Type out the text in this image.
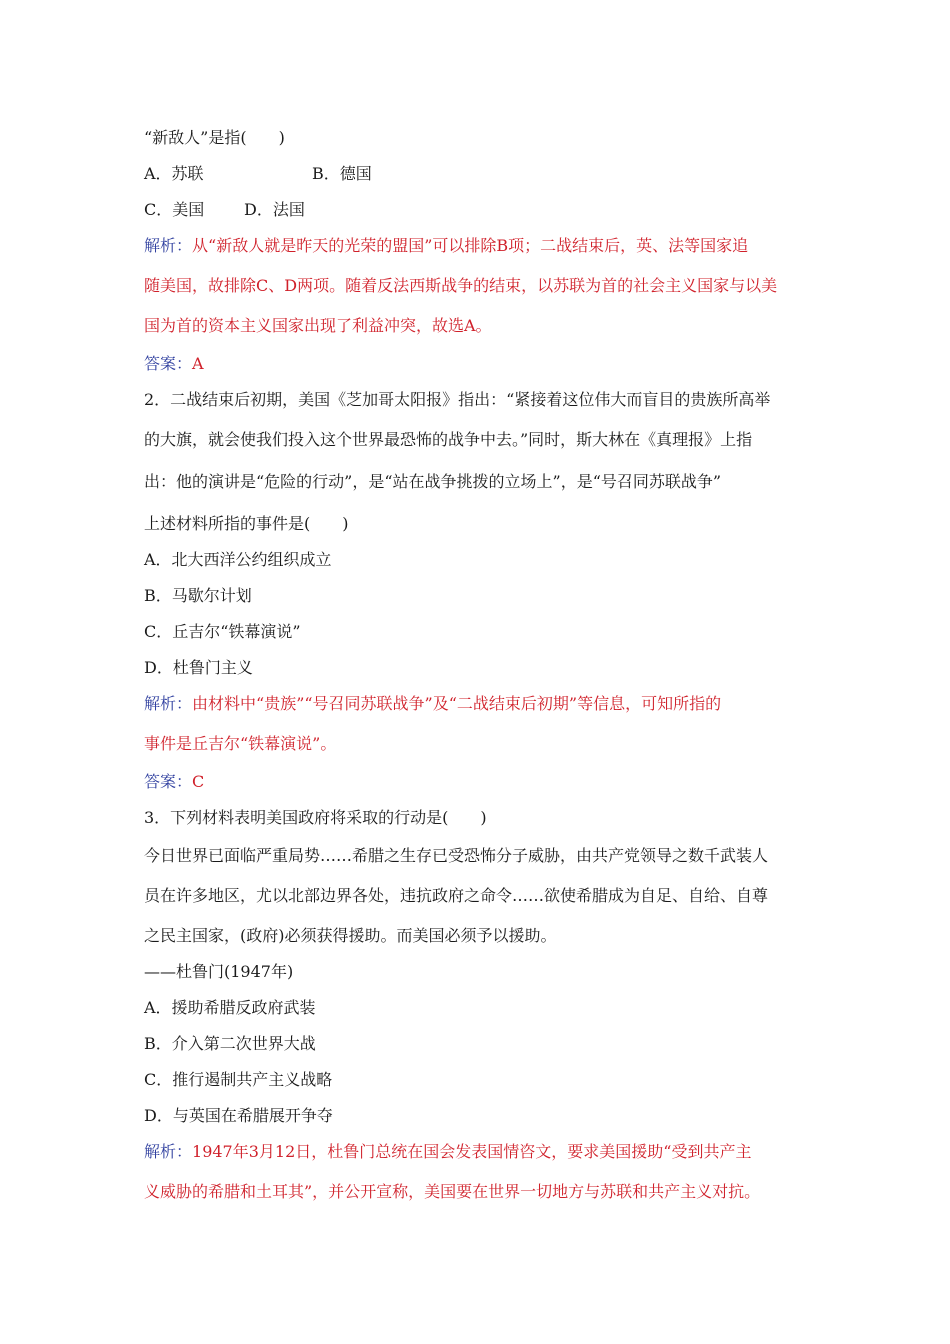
“新敌人”是指(　　)
A．苏联	B．德国
C．美国 D．法国
解析：从“新敌人就是昨天的光荣的盟国”可以排除B项；二战结束后，英、法等国家追
随美国，故排除C、D两项。随着反法西斯战争的结束，以苏联为首的社会主义国家与以美
国为首的资本主义国家出现了利益冲突，故选A。
答案：A
2．二战结束后初期，美国《芝加哥太阳报》指出：“紧接着这位伟大而盲目的贵族所高举
的大旗，就会使我们投入这个世界最恐怖的战争中去。”同时，斯大林在《真理报》上指
出：他的演讲是“危险的行动”，是“站在战争挑拨的立场上”，是“号召同苏联战争”
上述材料所指的事件是(　　)
A．北大西洋公约组织成立
B．马歇尔计划
C．丘吉尔“铁幕演说”
D．杜鲁门主义
解析：由材料中“贵族”“号召同苏联战争”及“二战结束后初期”等信息，可知所指的
事件是丘吉尔“铁幕演说”。
答案：C
3．下列材料表明美国政府将采取的行动是(　　)
今日世界已面临严重局势……希腊之生存已受恐怖分子威胁，由共产党领导之数千武装人
员在许多地区，尤以北部边界各处，违抗政府之命令……欲使希腊成为自足、自给、自尊
之民主国家，(政府)必须获得援助。而美国必须予以援助。
——杜鲁门(1947年)
A．援助希腊反政府武装
B．介入第二次世界大战
C．推行遏制共产主义战略
D．与英国在希腊展开争夺
解析：1947年3月12日，杜鲁门总统在国会发表国情咨文，要求美国援助“受到共产主
义威胁的希腊和土耳其”，并公开宣称，美国要在世界一切地方与苏联和共产主义对抗。
